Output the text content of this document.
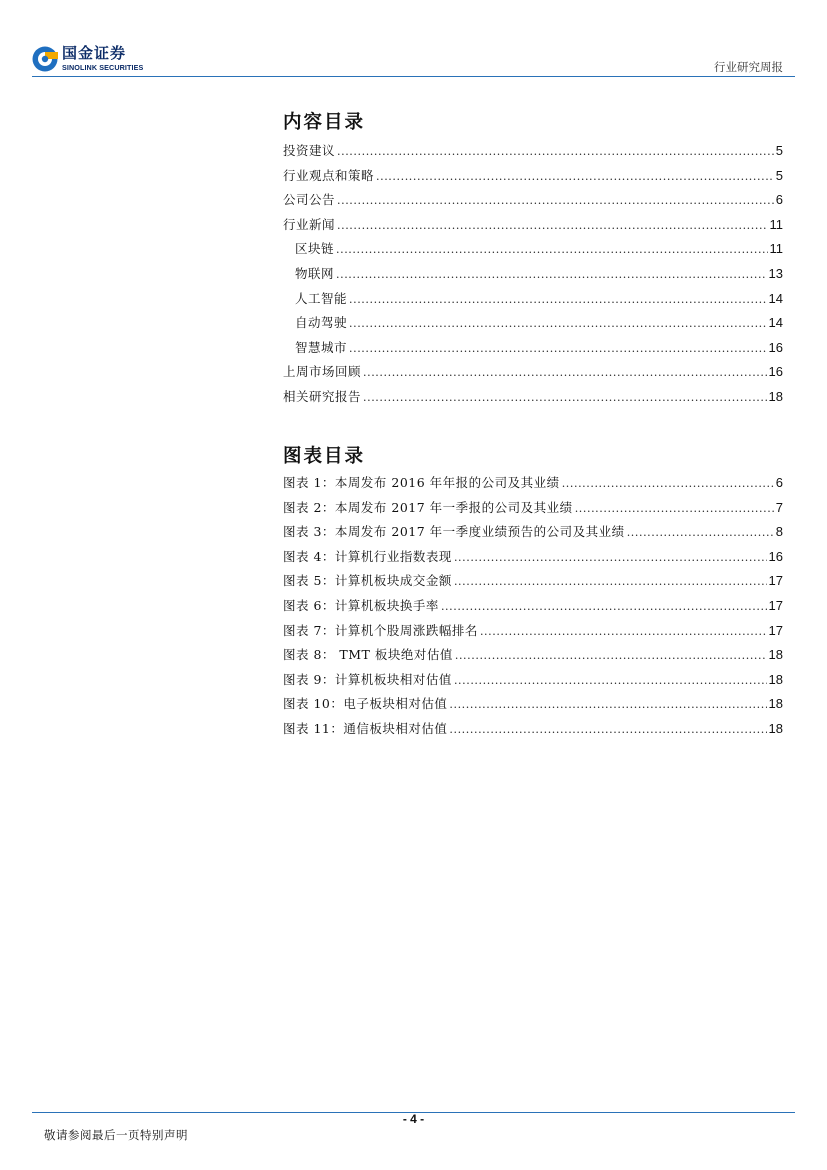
国金证券
SINOLINK SECURITIES	行业研究周报
内容目录
投资建议 .....	5
行业观点和策略 .....	5
公司公告 .....	6
行业新闻 .....	11
区块链 .....	11
物联网 .....	13
人工智能 .....	14
自动驾驶 .....	14
智慧城市 .....	16
上周市场回顾 .....	16
相关研究报告 .....	18
图表目录
图表 1：本周发布 2016 年年报的公司及其业绩 .....	6
图表 2：本周发布 2017 年一季报的公司及其业绩 .....	7
图表 3：本周发布 2017 年一季度业绩预告的公司及其业绩 .....	8
图表 4：计算机行业指数表现 .....	16
图表 5：计算机板块成交金额 .....	17
图表 6：计算机板块换手率 .....	17
图表 7：计算机个股周涨跌幅排名 .....	17
图表 8： TMT 板块绝对估值 .....	18
图表 9：计算机板块相对估值 .....	18
图表 10：电子板块相对估值 .....	18
图表 11：通信板块相对估值 .....	18
- 4 -
敬请参阅最后一页特别声明
